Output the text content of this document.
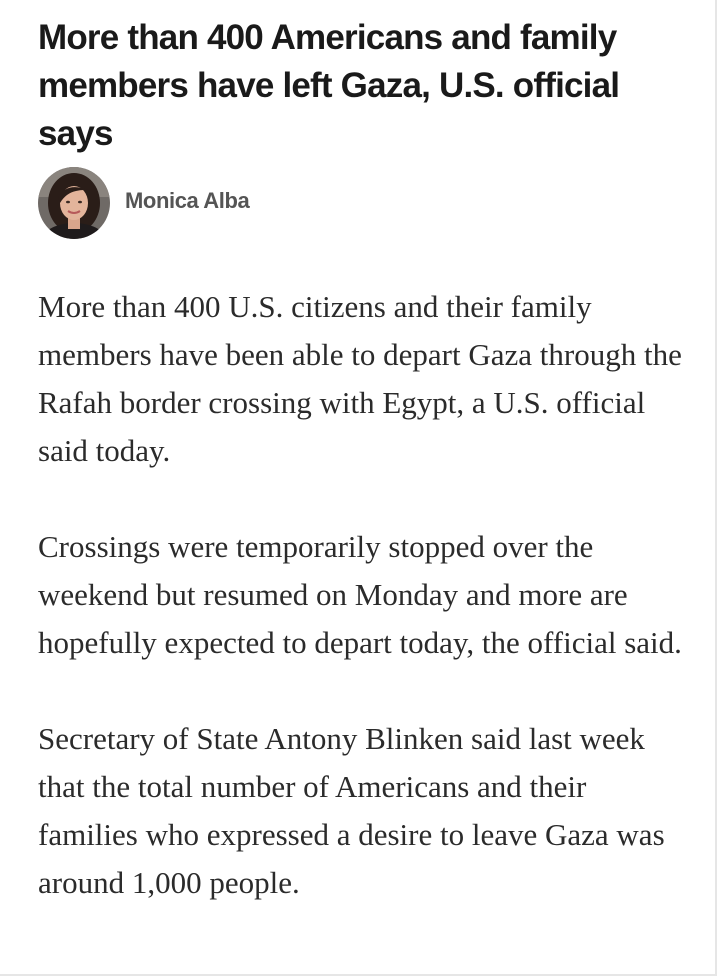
More than 400 Americans and family members have left Gaza, U.S. official says
Monica Alba

More than 400 U.S. citizens and their family members have been able to depart Gaza through the Rafah border crossing with Egypt, a U.S. official said today.

Crossings were temporarily stopped over the weekend but resumed on Monday and more are hopefully expected to depart today, the official said.

Secretary of State Antony Blinken said last week that the total number of Americans and their families who expressed a desire to leave Gaza was around 1,000 people.
